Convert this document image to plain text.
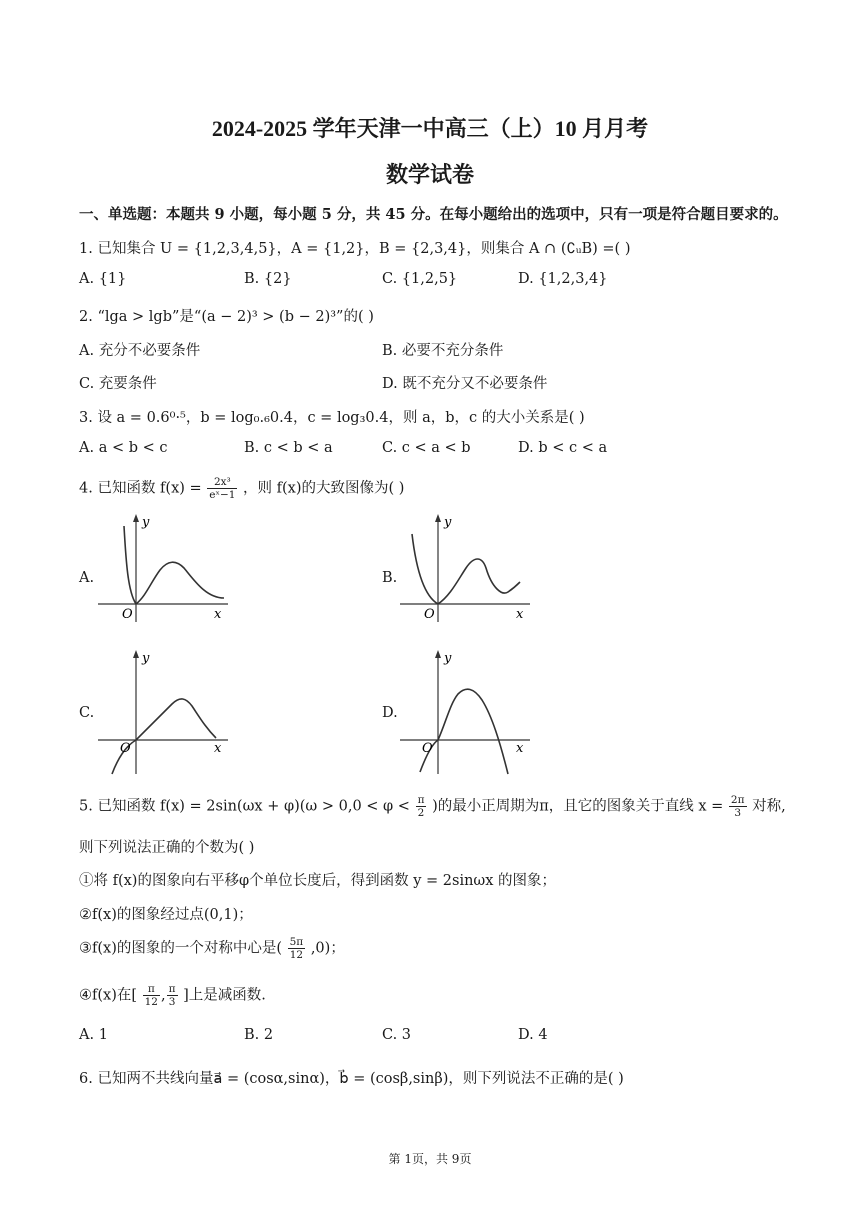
2024-2025 学年天津一中高三（上）10 月月考
数学试卷
一、单选题：本题共 9 小题，每小题 5 分，共 45 分。在每小题给出的选项中，只有一项是符合题目要求的。
1. 已知集合 U = {1,2,3,4,5}，A = {1,2}，B = {2,3,4}，则集合 A ∩ (∁ᵤB) =( )
A. {1}	B. {2}	C. {1,2,5}	D. {1,2,3,4}
2. “lga > lgb”是“(a − 2)³ > (b − 2)³”的( )
A. 充分不必要条件	B. 必要不充分条件
C. 充要条件	D. 既不充分又不必要条件
3. 设 a = 0.6⁰·⁵，b = log₀.₆0.4，c = log₃0.4，则 a，b，c 的大小关系是( )
A. a < b < c	B. c < b < a	C. c < a < b	D. b < c < a
4. 已知函数 $f(x) = \frac{\text{2x³}}{\text{eˣ−1}}$ ，则 f(x)的大致图像为( )
A.	B.
C.	D.
y
O	x
y
O	x
y
O	x
y
O	x
5. 已知函数 $f(x) = 2\sin(\omega x + \varphi)(\omega > 0,0 < \varphi < \frac{\pi}{2}$ )的最小正周期为π，且它的图象关于直线 $x = \frac{2\pi}{3}$ 对称,
则下列说法正确的个数为( )
①将 f(x)的图象向右平移φ个单位长度后，得到函数 y = 2sinωx 的图象；
②f(x)的图象经过点(0,1)；
③f(x)的图象的一个对称中心是( $\frac{5\pi}{12} ,0$)；
④f(x)在[ $\frac{\pi}{12}$ , $\frac{\pi}{3}$ ]上是减函数.
A. 1	B. 2	C. 3	D. 4
6. 已知两不共线向量a⃗ = (cosα,sinα)，b⃗ = (cosβ,sinβ)，则下列说法不正确的是( )
第 1页，共 9页
